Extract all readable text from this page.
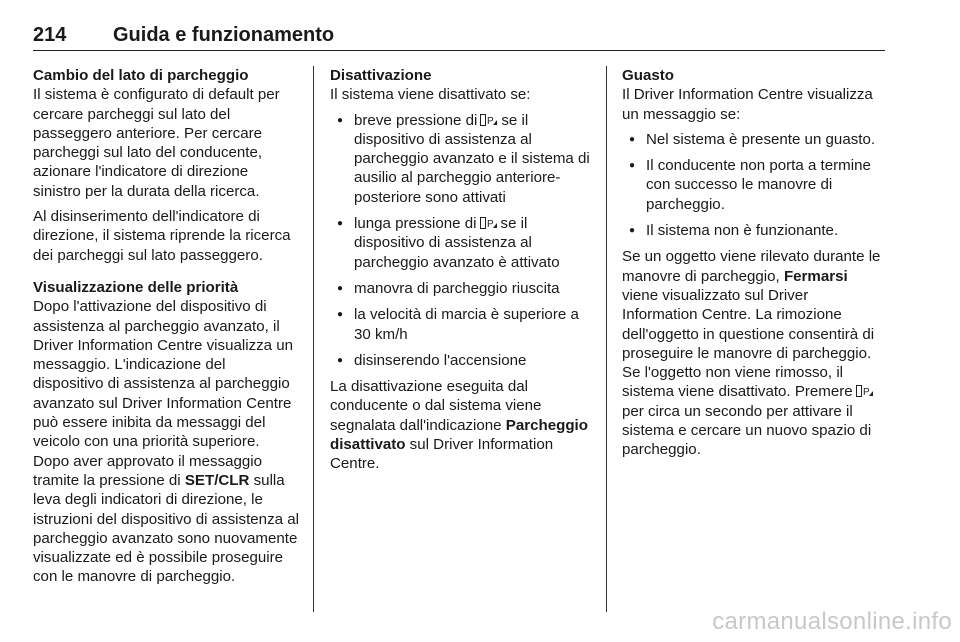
214 Guida e funzionamento
Cambio del lato di parcheggio

Il sistema è configurato di default per cercare parcheggi sul lato del passeggero anteriore. Per cercare parcheggi sul lato del conducente, azionare l'indicatore di direzione sinistro per la durata della ricerca.

Al disinserimento dell'indicatore di direzione, il sistema riprende la ricerca dei parcheggi sul lato passeggero.

Visualizzazione delle priorità

Dopo l'attivazione del dispositivo di assistenza al parcheggio avanzato, il Driver Information Centre visualizza un messaggio. L'indicazione del dispositivo di assistenza al parcheggio avanzato sul Driver Information Centre può essere inibita da messaggi del veicolo con una priorità superiore. Dopo aver approvato il messaggio tramite la pressione di SET/CLR sulla leva degli indicatori di direzione, le istruzioni del dispositivo di assistenza al parcheggio avanzato sono nuovamente visualizzate ed è possibile proseguire con le manovre di parcheggio.

Disattivazione

Il sistema viene disattivato se:

● breve pressione di P se il dispositivo di assistenza al parcheggio avanzato e il sistema di ausilio al parcheggio anteriore-posteriore sono attivati
● lunga pressione di P se il dispositivo di assistenza al parcheggio avanzato è attivato
● manovra di parcheggio riuscita
● la velocità di marcia è superiore a 30 km/h
● disinserendo l'accensione

La disattivazione eseguita dal conducente o dal sistema viene segnalata dall'indicazione Parcheggio disattivato sul Driver Information Centre.

Guasto

Il Driver Information Centre visualizza un messaggio se:

● Nel sistema è presente un guasto.
● Il conducente non porta a termine con successo le manovre di parcheggio.
● Il sistema non è funzionante.

Se un oggetto viene rilevato durante le manovre di parcheggio, Fermarsi viene visualizzato sul Driver Information Centre. La rimozione dell'oggetto in questione consentirà di proseguire le manovre di parcheggio. Se l'oggetto non viene rimosso, il sistema viene disattivato. Premere P
per circa un secondo per attivare il sistema e cercare un nuovo spazio di parcheggio.

carmanualsonline.info
